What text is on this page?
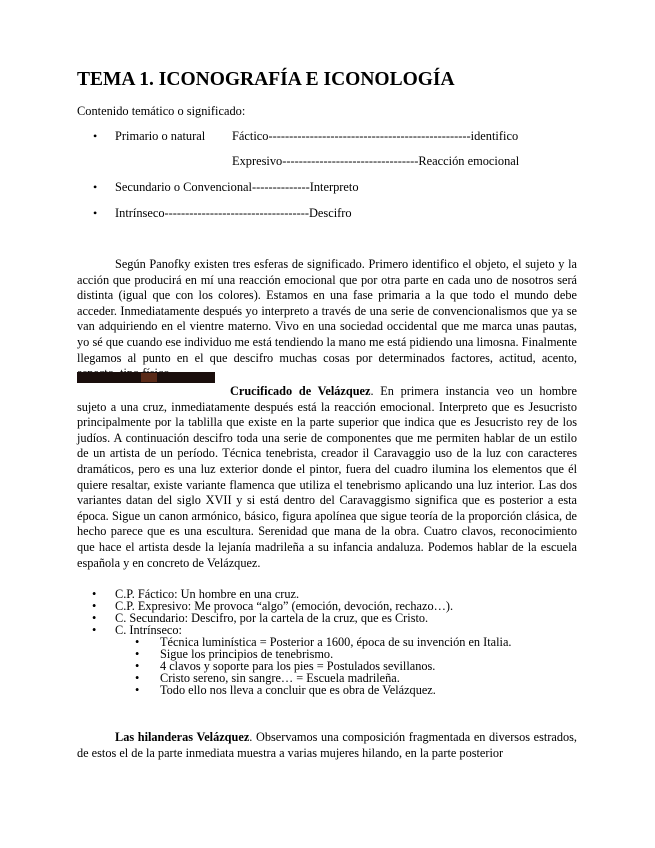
TEMA 1. ICONOGRAFÍA E ICONOLOGÍA
Contenido temático o significado:
• Primario o natural Fáctico-------------------------------------------------identifico
Expresivo---------------------------------Reacción emocional
• Secundario o Convencional--------------Interpreto
• Intrínseco-----------------------------------Descifro
Según Panofky existen tres esferas de significado. Primero identifico el objeto, el sujeto y la acción que producirá en mí una reacción emocional que por otra parte en cada uno de nosotros será distinta (igual que con los colores). Estamos en una fase primaria a la que todo el mundo debe acceder. Inmediatamente después yo interpreto a través de una serie de convencionalismos que ya se van adquiriendo en el vientre materno. Vivo en una sociedad occidental que me marca unas pautas, yo sé que cuando ese individuo me está tendiendo la mano me está pidiendo una limosna. Finalmente llegamos al punto en el que descifro muchas cosas por determinados factores, actitud, acento,
Crucificado de Velázquez. En primera instancia veo un hombre sujeto a una cruz, inmediatamente después está la reacción emocional. Interpreto que es Jesucristo principalmente por la tablilla que existe en la parte superior que indica que es Jesucristo rey de los judíos. A continuación descifro toda una serie de componentes que me permiten hablar de un estilo de un artista de un período. Técnica tenebrista, creador il Caravaggio uso de la luz con caracteres dramáticos, pero es una luz exterior donde el pintor, fuera del cuadro ilumina los elementos que él quiere resaltar, existe variante flamenca que utiliza el tenebrismo aplicando una luz interior. Las dos variantes datan del siglo XVII y si está dentro del Caravaggismo significa que es posterior a esta época. Sigue un canon armónico, básico, figura apolínea que sigue teoría de la proporción clásica, de hecho parece que es una escultura. Serenidad que mana de la obra. Cuatro clavos, reconocimiento que hace el artista desde la lejanía madrileña a su infancia andaluza. Podemos hablar de la escuela española y en concreto de Velázquez.
• C.P. Fáctico: Un hombre en una cruz.
• C.P. Expresivo: Me provoca “algo” (emoción, devoción, rechazo…).
• C. Secundario: Descifro, por la cartela de la cruz, que es Cristo.
• C. Intrínseco:
• Técnica luminística = Posterior a 1600, época de su invención en Italia.
• Sigue los principios de tenebrismo.
• 4 clavos y soporte para los pies = Postulados sevillanos.
• Cristo sereno, sin sangre… = Escuela madrileña.
• Todo ello nos lleva a concluir que es obra de Velázquez.
Las hilanderas Velázquez. Observamos una composición fragmentada en diversos estrados, de estos el de la parte inmediata muestra a varias mujeres hilando, en la parte posterior
